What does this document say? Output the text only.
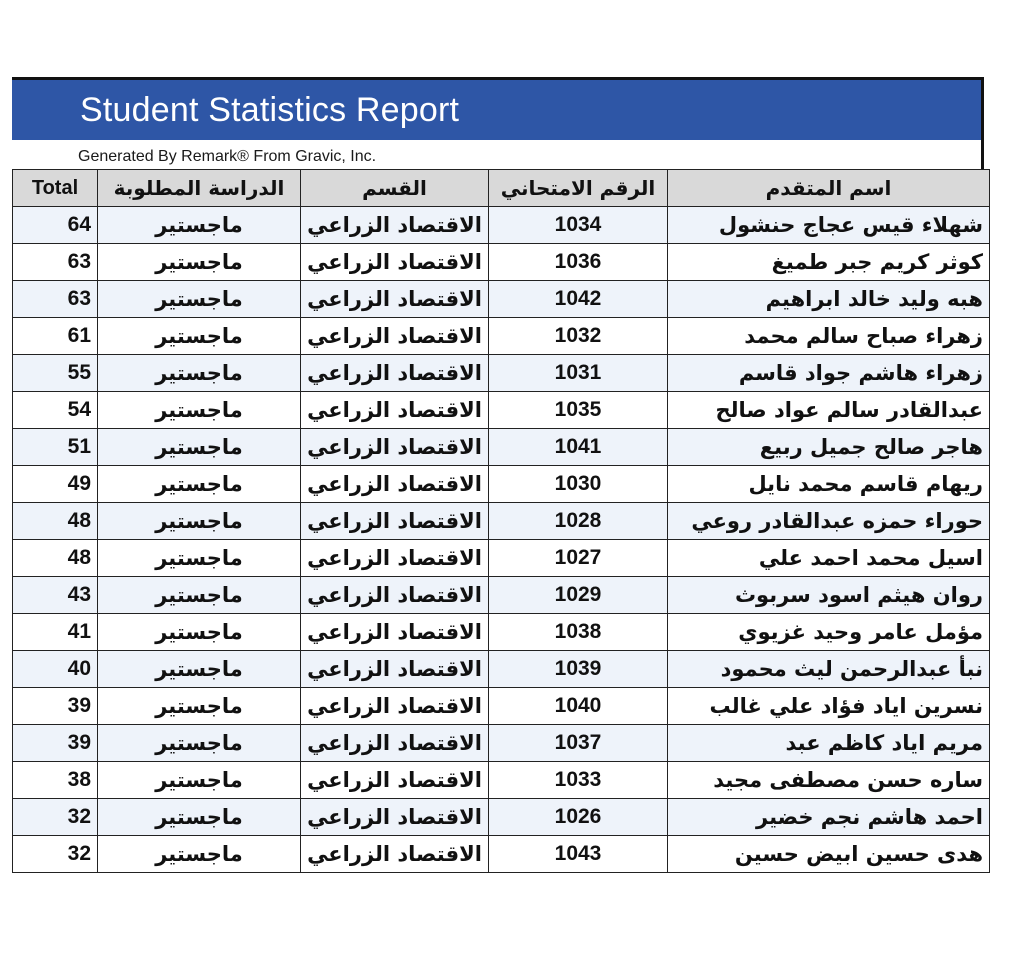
Student Statistics Report
Generated By Remark® From Gravic, Inc.
Total	الدراسة المطلوبة	القسم	الرقم الامتحاني	اسم المتقدم
64	ماجستير	الاقتصاد الزراعي	1034	شهلاء قيس عجاج حنشول
63	ماجستير	الاقتصاد الزراعي	1036	كوثر كريم جبر طميغ
63	ماجستير	الاقتصاد الزراعي	1042	هبه وليد خالد ابراهيم
61	ماجستير	الاقتصاد الزراعي	1032	زهراء صباح سالم محمد
55	ماجستير	الاقتصاد الزراعي	1031	زهراء هاشم جواد قاسم
54	ماجستير	الاقتصاد الزراعي	1035	عبدالقادر سالم عواد صالح
51	ماجستير	الاقتصاد الزراعي	1041	هاجر صالح جميل ربيع
49	ماجستير	الاقتصاد الزراعي	1030	ريهام قاسم محمد نايل
48	ماجستير	الاقتصاد الزراعي	1028	حوراء حمزه عبدالقادر روعي
48	ماجستير	الاقتصاد الزراعي	1027	اسيل محمد احمد علي
43	ماجستير	الاقتصاد الزراعي	1029	روان هيثم اسود سربوث
41	ماجستير	الاقتصاد الزراعي	1038	مؤمل عامر وحيد غزيوي
40	ماجستير	الاقتصاد الزراعي	1039	نبأ عبدالرحمن ليث محمود
39	ماجستير	الاقتصاد الزراعي	1040	نسرين اياد فؤاد علي غالب
39	ماجستير	الاقتصاد الزراعي	1037	مريم اياد كاظم عبد
38	ماجستير	الاقتصاد الزراعي	1033	ساره حسن مصطفى مجيد
32	ماجستير	الاقتصاد الزراعي	1026	احمد هاشم نجم خضير
32	ماجستير	الاقتصاد الزراعي	1043	هدى حسين ابيض حسين
